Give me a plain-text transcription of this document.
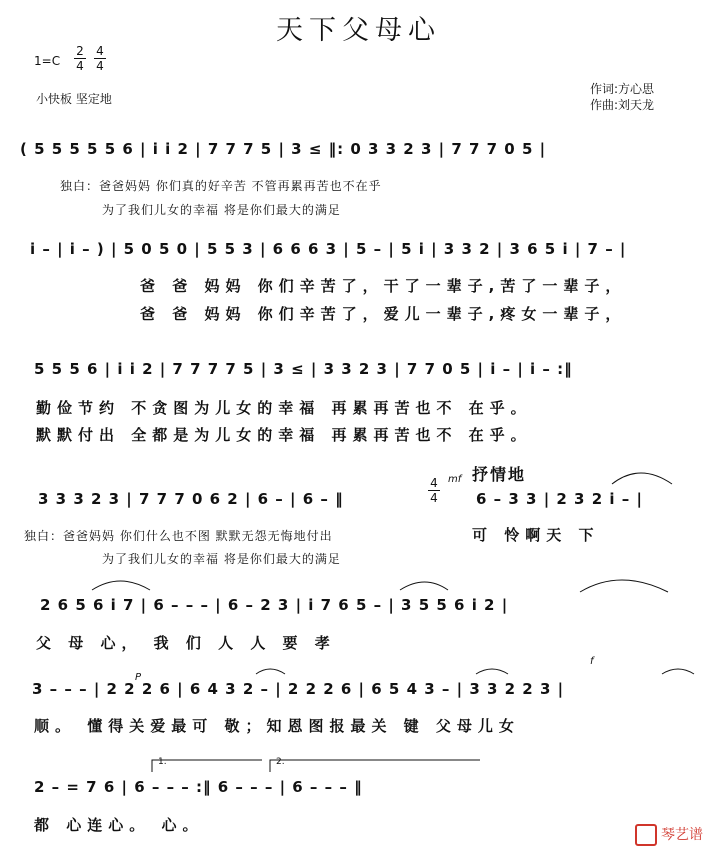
天下父母心
$1=C \frac{2}{4} \frac{4}{4}$
小快板 坚定地
作词:方心思
作曲:刘天龙
( 5 5 5 5 5 6 | i i 2 | 7 7 7 5 | 3 ≤ ‖: 0 3 3 2 3 | 7 7 7 0 5 |
独白：爸爸妈妈 你们真的好辛苦 不管再累再苦也不在乎
为了我们儿女的幸福 将是你们最大的满足
i – | i – ) | 5 0 5 0 | 5 5 3 | 6 6 6 3 | 5 – | 5 i | 3 3 2 | 3 6 5 i | 7 – |
爸 爸 妈妈 你们辛苦了，干了一辈子,苦了一辈子，
爸 爸 妈妈 你们辛苦了，爱儿一辈子,疼女一辈子，
5 5 5 6 | i i 2 | 7 7 7 7 5 | 3 ≤ | 3 3 2 3 | 7 7 0 5 | i – | i – :‖
勤俭节约 不贪图为儿女的幸福 再累再苦也不 在乎。
默默付出 全都是为儿女的幸福 再累再苦也不 在乎。
抒情地
mf
$\frac{4}{4}$
3 3 3 2 3 | 7 7 7 0 6 2 | 6 – | 6 – ‖	6 – 3 3 | 2 3 2 i – |
独白：爸爸妈妈 你们什么也不图 默默无怨无悔地付出	可 怜啊天 下
为了我们儿女的幸福 将是你们最大的满足
2 6 5 6 i 7 | 6 – – – | 6 – 2 3 | i 7 6 5 – | 3 5 5 6 i 2 |
父 母 心， 我 们 人 人 要 孝
P
f
3 – – – | 2 2 2 6 | 6 4 3 2 – | 2 2 2 6 | 6 5 4 3 – | 3 3 2 2 3 |
顺。 懂得关爱最可 敬；知恩图报最关 键 父母儿女
1.	2.
2 – = 7 6 | 6 – – – :‖ 6 – – – | 6 – – – ‖
都 心连心。 心。
琴艺谱
